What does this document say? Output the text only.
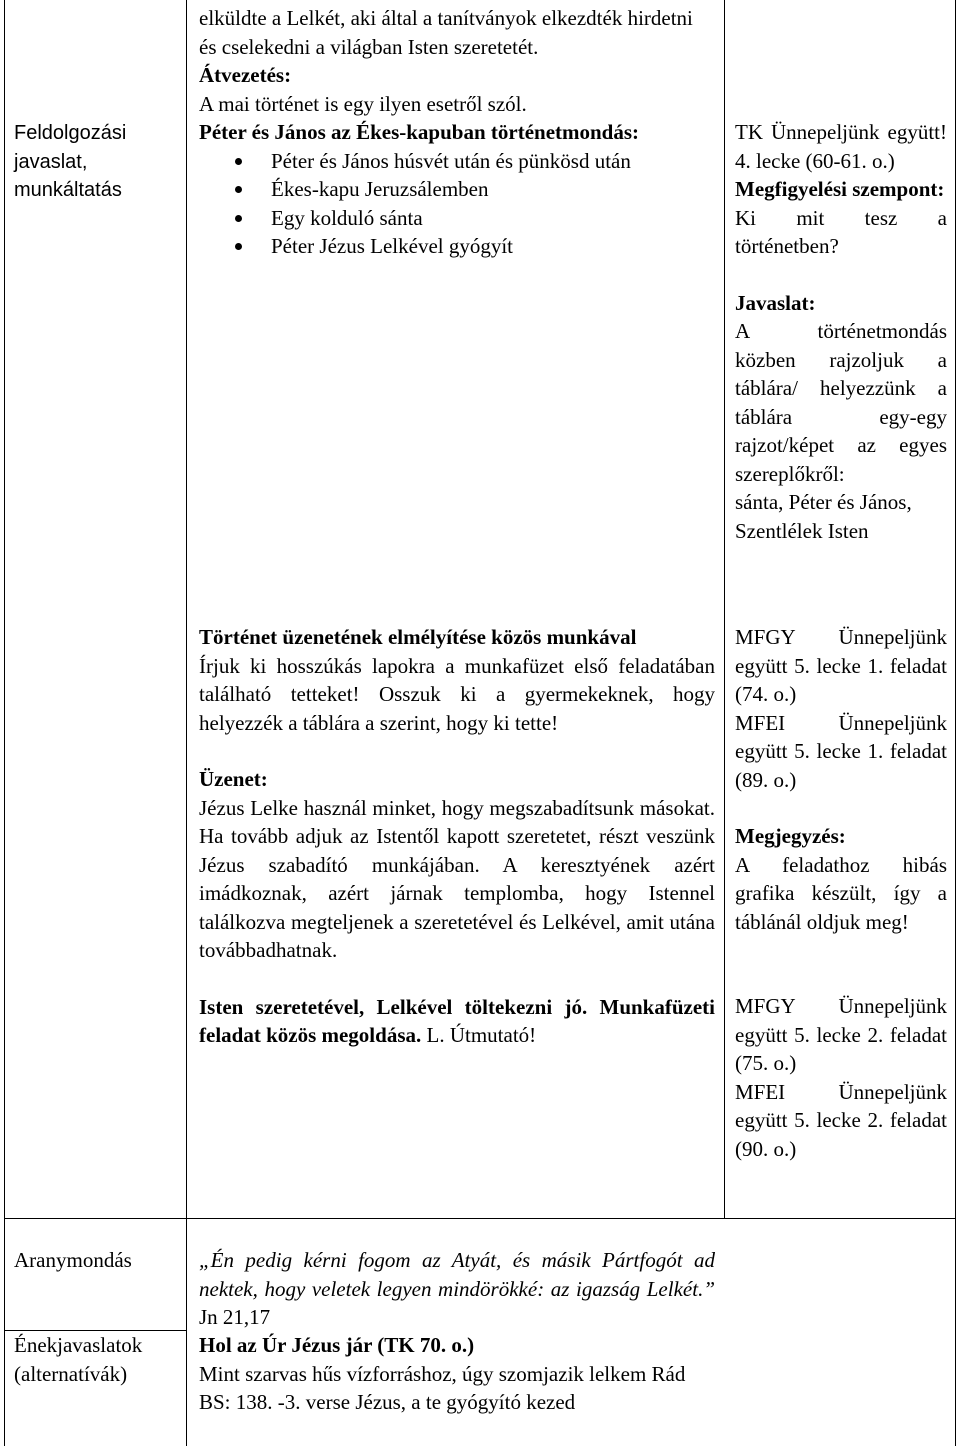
Feldolgozási javaslat, munkáltatás
Aranymondás
Énekjavaslatok (alternatívák)
elküldte a Lelkét, aki által a tanítványok elkezdték hirdetni és cselekedni a világban Isten szeretetét.
Átvezetés:
A mai történet is egy ilyen esetről szól.
Péter és János az Ékes-kapuban történetmondás:
Péter és János húsvét után és pünkösd után
Ékes-kapu Jeruzsálemben
Egy kolduló sánta
Péter Jézus Lelkével gyógyít
Történet üzenetének elmélyítése közös munkával
Írjuk ki hosszúkás lapokra a munkafüzet első feladatában található tetteket! Osszuk ki a gyermekeknek, hogy helyezzék a táblára a szerint, hogy ki tette!
Üzenet:
Jézus Lelke használ minket, hogy megszabadítsunk másokat. Ha tovább adjuk az Istentől kapott szeretetet, részt veszünk Jézus szabadító munkájában. A keresztyének azért imádkoznak, azért járnak templomba, hogy Istennel találkozva megteljenek a szeretetével és Lelkével, amit utána továbbadhatnak.
Isten szeretetével, Lelkével töltekezni jó. Munkafüzeti feladat közös megoldása. L. Útmutató!
TK Ünnepeljünk együtt! 4. lecke (60-61. o.)
Megfigyelési szempont:
Ki mit tesz a történetben?
Javaslat:
A történetmondás közben rajzoljuk a táblára/ helyezzünk a táblára egy-egy rajzot/képet az egyes szereplőkről:
sánta, Péter és János, Szentlélek Isten
MFGY Ünnepeljünk együtt 5. lecke 1. feladat (74. o.)
MFEI Ünnepeljünk együtt 5. lecke 1. feladat (89. o.)
Megjegyzés:
A feladathoz hibás grafika készült, így a táblánál oldjuk meg!
MFGY Ünnepeljünk együtt 5. lecke 2. feladat (75. o.)
MFEI Ünnepeljünk együtt 5. lecke 2. feladat (90. o.)
„Én pedig kérni fogom az Atyát, és másik Pártfogót ad nektek, hogy veletek legyen mindörökké: az igazság Lelkét.” Jn 21,17
Hol az Úr Jézus jár (TK 70. o.)
Mint szarvas hűs vízforráshoz, úgy szomjazik lelkem Rád
BS: 138. -3. verse Jézus, a te gyógyító kezed
